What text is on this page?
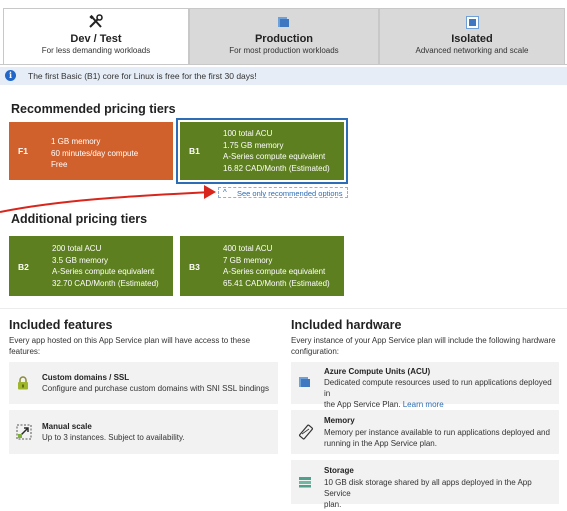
Dev / Test
For less demanding workloads
Production
For most production workloads
Isolated
Advanced networking and scale
i	The first Basic (B1) core for Linux is free for the first 30 days!
Recommended pricing tiers
F1
1 GB memory
60 minutes/day compute
Free
B1
100 total ACU
1.75 GB memory
A-Series compute equivalent
16.82 CAD/Month (Estimated)
^ See only recommended options
Additional pricing tiers
B2
200 total ACU
3.5 GB memory
A-Series compute equivalent
32.70 CAD/Month (Estimated)
B3
400 total ACU
7 GB memory
A-Series compute equivalent
65.41 CAD/Month (Estimated)
Included features
Every app hosted on this App Service plan will have access to these
features:
Custom domains / SSL
Configure and purchase custom domains with SNI SSL bindings
Manual scale
Up to 3 instances. Subject to availability.
Included hardware
Every instance of your App Service plan will include the following hardware
configuration:
Azure Compute Units (ACU)
Dedicated compute resources used to run applications deployed in
the App Service Plan. Learn more
Memory
Memory per instance available to run applications deployed and
running in the App Service plan.
Storage
10 GB disk storage shared by all apps deployed in the App Service
plan.
